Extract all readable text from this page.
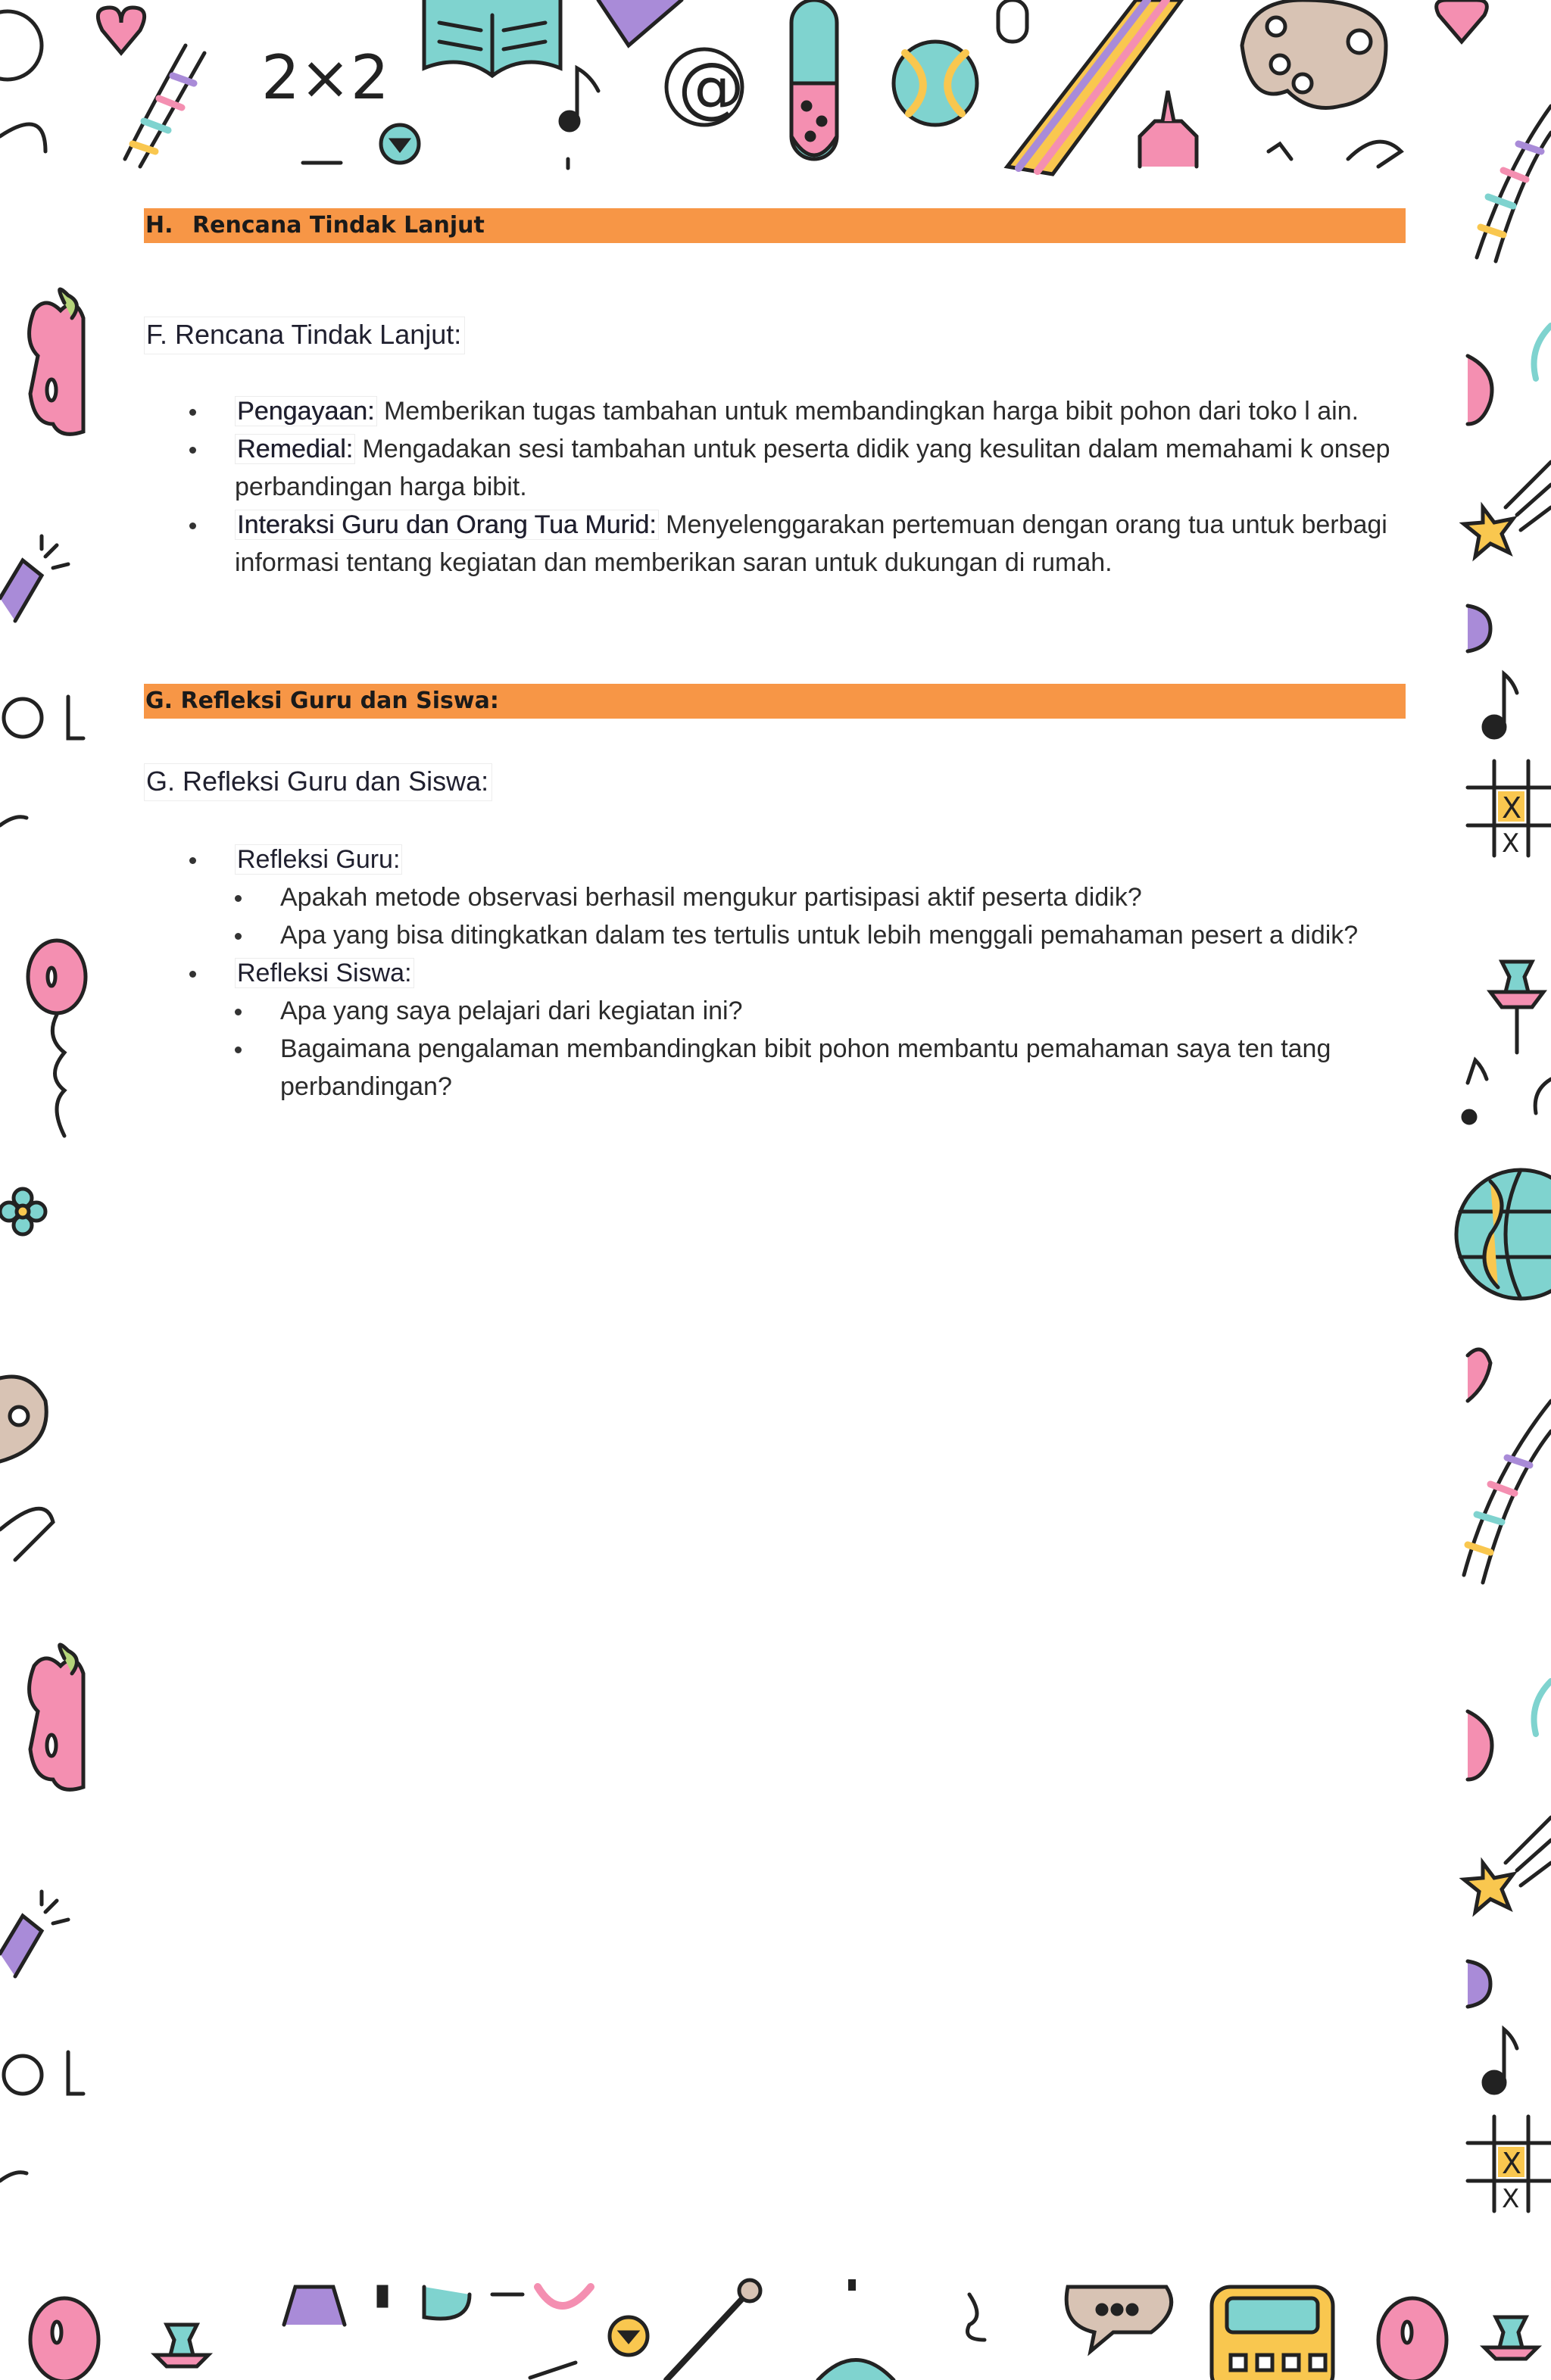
2×2	@
X
X
X
X
H. Rencana Tindak Lanjut
F. Rencana Tindak Lanjut:
Pengayaan: Memberikan tugas tambahan untuk membandingkan harga bibit pohon dari toko l ain.
Remedial: Mengadakan sesi tambahan untuk peserta didik yang kesulitan dalam memahami k onsep perbandingan harga bibit.
Interaksi Guru dan Orang Tua Murid: Menyelenggarakan pertemuan dengan orang tua untuk berbagi informasi tentang kegiatan dan memberikan saran untuk dukungan di rumah.
G. Refleksi Guru dan Siswa:
G. Refleksi Guru dan Siswa:
Refleksi Guru:
Apakah metode observasi berhasil mengukur partisipasi aktif peserta didik?
Apa yang bisa ditingkatkan dalam tes tertulis untuk lebih menggali pemahaman pesert a didik?
Refleksi Siswa:
Apa yang saya pelajari dari kegiatan ini?
Bagaimana pengalaman membandingkan bibit pohon membantu pemahaman saya ten tang perbandingan?
